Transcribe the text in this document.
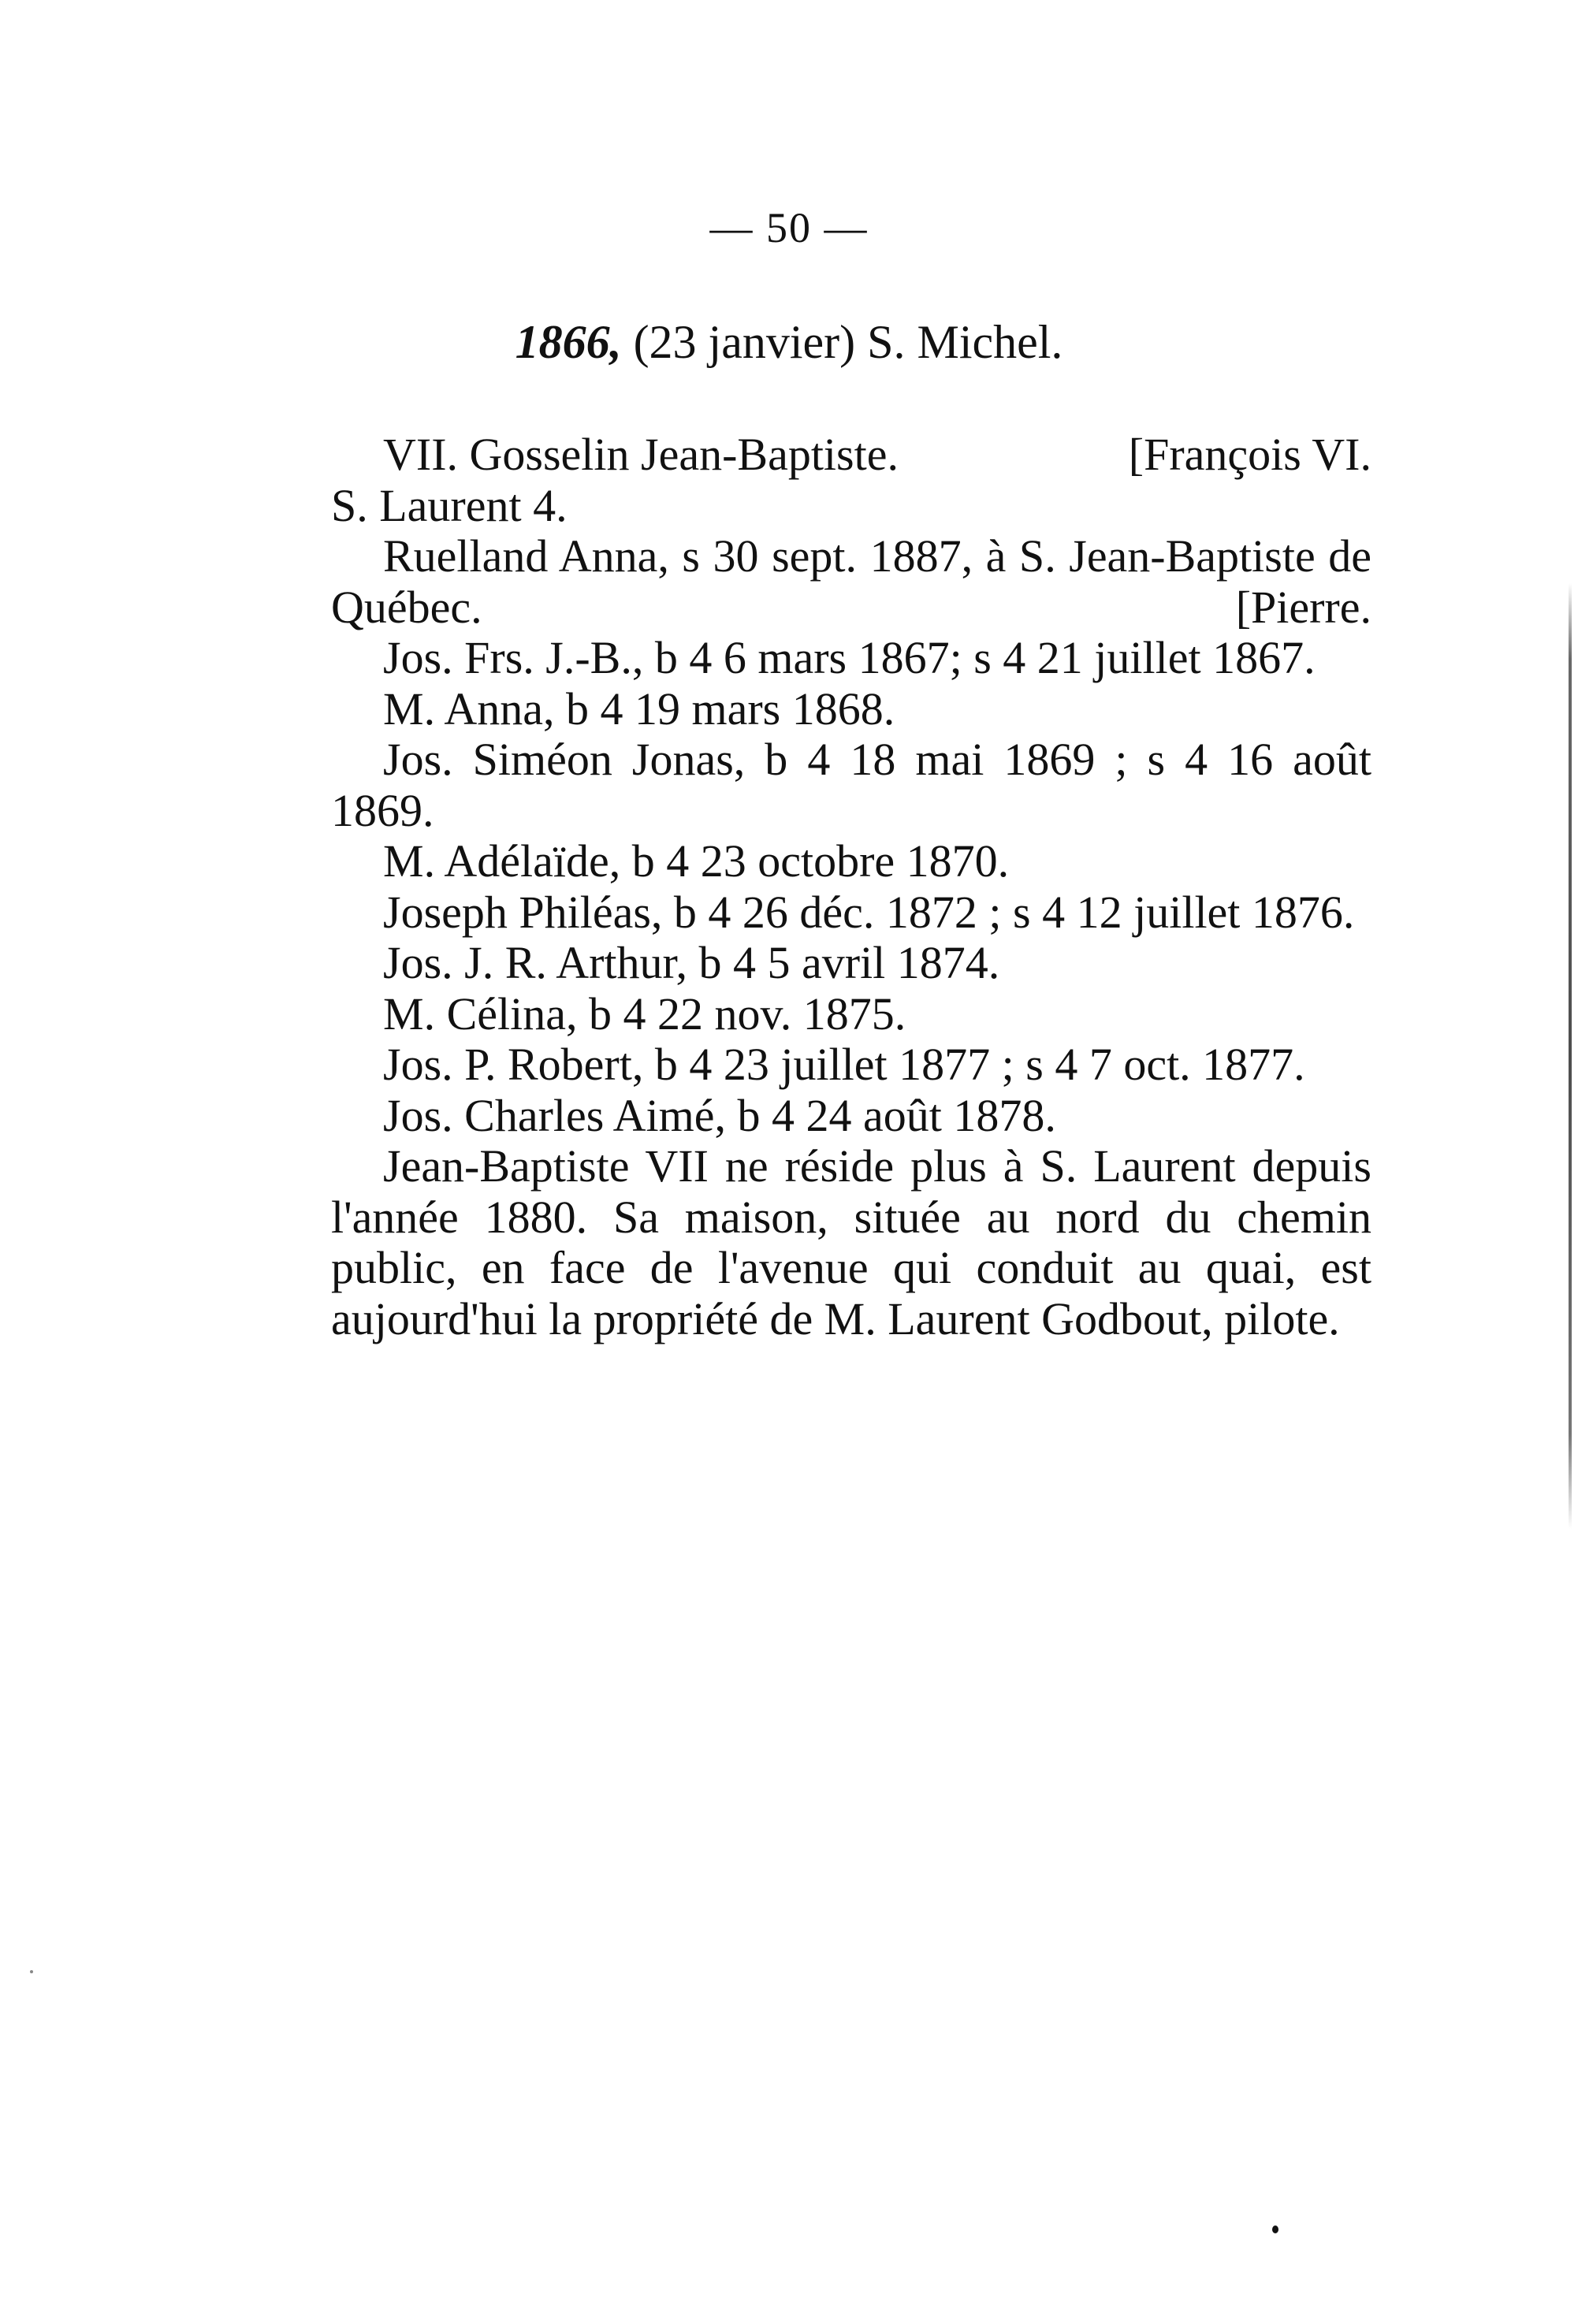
— 50 —
1866, (23 janvier) S. Michel.

VII. Gosselin Jean-Baptiste.	[François VI.

S. Laurent 4.

Ruelland Anna, s 30 sept. 1887, à S. Jean-Baptiste de Québec.	[Pierre.

Jos. Frs. J.-B., b 4 6 mars 1867; s 4 21 juillet 1867.

M. Anna, b 4 19 mars 1868.

Jos. Siméon Jonas, b 4 18 mai 1869 ; s 4 16 août 1869.

M. Adélaïde, b 4 23 octobre 1870.

Joseph Philéas, b 4 26 déc. 1872 ; s 4 12 juillet 1876.

Jos. J. R. Arthur, b 4 5 avril 1874.

M. Célina, b 4 22 nov. 1875.

Jos. P. Robert, b 4 23 juillet 1877 ; s 4 7 oct. 1877.

Jos. Charles Aimé, b 4 24 août 1878.

Jean-Baptiste VII ne réside plus à S. Laurent depuis l'année 1880. Sa maison, située au nord du chemin public, en face de l'avenue qui conduit au quai, est aujourd'hui la propriété de M. Laurent Godbout, pilote.
